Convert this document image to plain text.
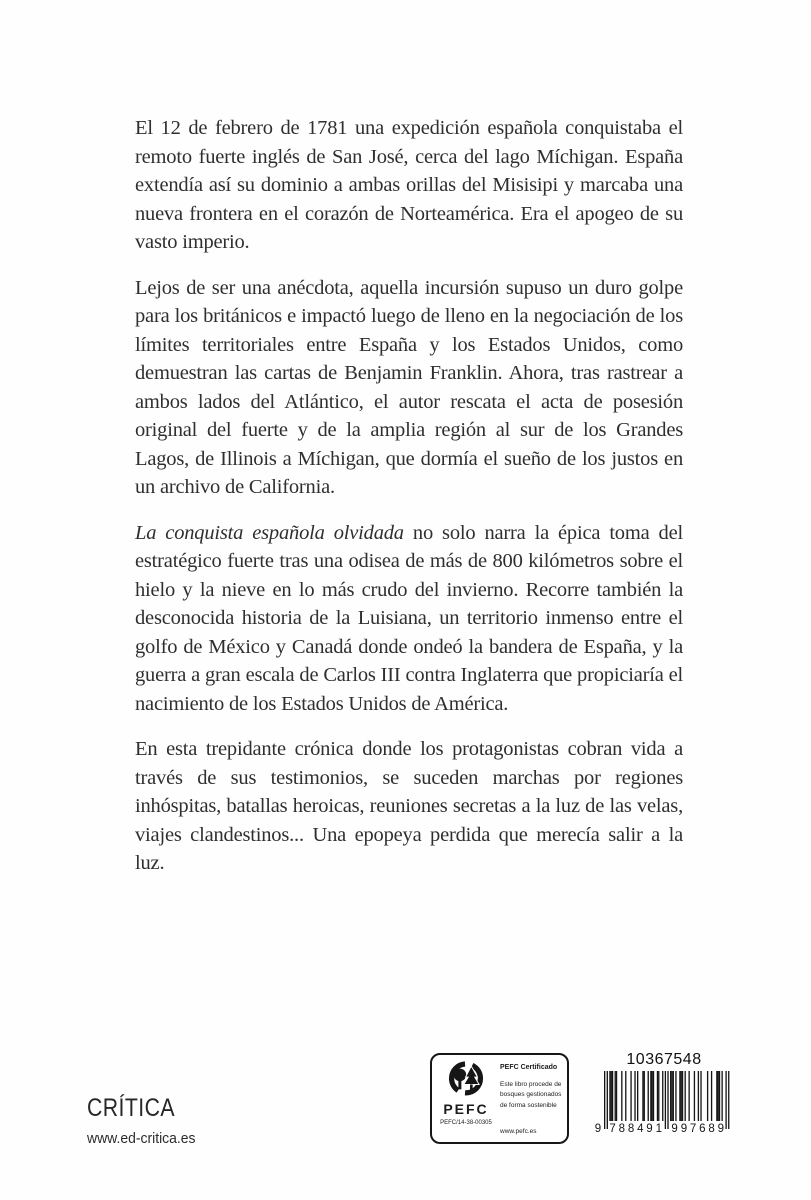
El 12 de febrero de 1781 una expedición española conquistaba el remoto fuerte inglés de San José, cerca del lago Míchigan. España extendía así su dominio a ambas orillas del Misisipi y marcaba una nueva frontera en el corazón de Norteamérica. Era el apogeo de su vasto imperio.

Lejos de ser una anécdota, aquella incursión supuso un duro golpe para los británicos e impactó luego de lleno en la negociación de los límites territoriales entre España y los Estados Unidos, como demuestran las cartas de Benjamin Franklin. Ahora, tras rastrear a ambos lados del Atlántico, el autor rescata el acta de posesión original del fuerte y de la amplia región al sur de los Grandes Lagos, de Illinois a Míchigan, que dormía el sueño de los justos en un archivo de California.

La conquista española olvidada no solo narra la épica toma del estratégico fuerte tras una odisea de más de 800 kilómetros sobre el hielo y la nieve en lo más crudo del invierno. Recorre también la desconocida historia de la Luisiana, un territorio inmenso entre el golfo de México y Canadá donde ondeó la bandera de España, y la guerra a gran escala de Carlos III contra Inglaterra que propiciaría el nacimiento de los Estados Unidos de América.

En esta trepidante crónica donde los protagonistas cobran vida a través de sus testimonios, se suceden marchas por regiones inhóspitas, batallas heroicas, reuniones secretas a la luz de las velas, viajes clandestinos... Una epopeya perdida que merecía salir a la luz.

CRÍTICA
www.ed-critica.es
PEFC
PEFC/14-38-00305
PEFC Certificado
Este libro procede de bosques gestionados de forma sostenible
www.pefc.es
10367548
9 7	9
8	9
8	7
4	6
9	8
1	9
